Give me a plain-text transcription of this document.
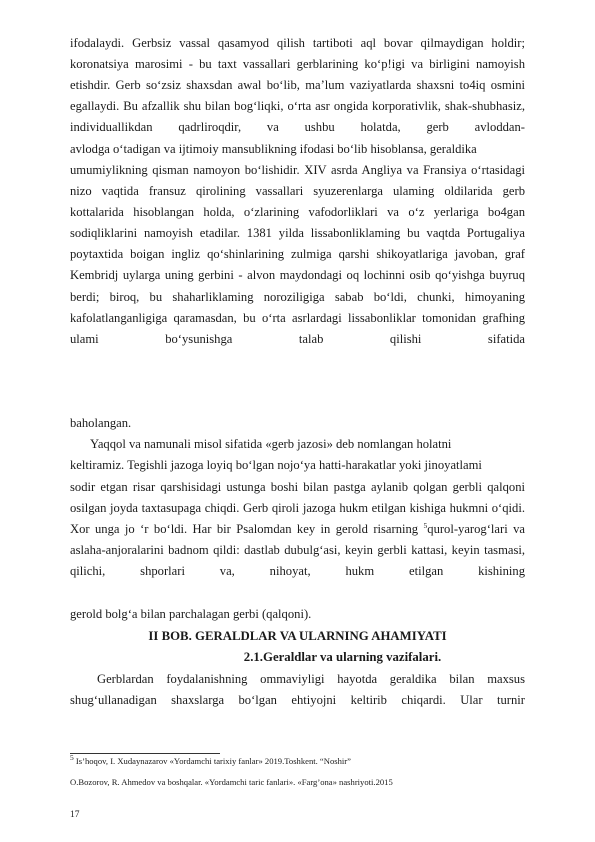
ifodalaydi. Gerbsiz vassal qasamyod qilish tartiboti aql bovar qilmaydigan holdir; koronatsiya marosimi - bu taxt vassallari gerblarining ko‘p!igi va birligini namoyish etishdir. Gerb so‘zsiz shaxsdan awal bo‘lib, ma’lum vaziyatlarda shaxsni to4iq osmini egallaydi. Bu afzallik shu bilan bog‘liqki, o‘rta asr ongida korporativlik, shak-shubhasiz, individuallikdan qadrliroqdir, va ushbu holatda, gerb avloddan-

avlodga o‘tadigan va ijtimoiy mansublikning ifodasi bo‘lib hisoblansa, geraldika

umumiylikning qisman namoyon bo‘lishidir. XIV asrda Angliya va Fransiya o‘rtasidagi nizo vaqtida fransuz qirolining vassallari syuzerenlarga ulaming oldilarida gerb kottalarida hisoblangan holda, o‘zlarining vafodorliklari va o‘z yerlariga bo4gan sodiqliklarini namoyish etadilar. 1381 yilda lissabonliklaming bu vaqtda Portugaliya poytaxtida boigan ingliz qo‘shinlarining zulmiga qarshi shikoyatlariga javoban, graf Kembridj uylarga uning gerbini - alvon maydondagi oq lochinni osib qo‘yishga buyruq berdi; biroq, bu shaharliklaming noroziligiga sabab bo‘ldi, chunki, himoyaning kafolatlanganligiga qaramasdan, bu o‘rta asrlardagi lissabonliklar tomonidan grafhing ulami bo‘ysunishga talab qilishi sifatida

baholangan.

Yaqqol va namunali misol sifatida «gerb jazosi» deb nomlangan holatni

keltiramiz. Tegishli jazoga loyiq bo‘lgan nojo‘ya hatti-harakatlar yoki jinoyatlami

sodir etgan risar qarshisidagi ustunga boshi bilan pastga aylanib qolgan gerbli qalqoni osilgan joyda taxtasupaga chiqdi. Gerb qiroli jazoga hukm etilgan kishiga hukmni o‘qidi. Xor unga jo ‘r bo‘ldi. Har bir Psalomdan key in gerold risarning $^5$qurol-yarog‘lari va aslaha-anjoralarini badnom qildi: dastlab dubulg‘asi, keyin gerbli kattasi, keyin tasmasi, qilichi, shporlari va, nihoyat, hukm etilgan kishining

gerold bolg‘a bilan parchalagan gerbi (qalqoni).

II BOB. GERALDLAR VA ULARNING AHAMIYATI

2.1.Geraldlar va ularning vazifalari.

Gerblardan foydalanishning ommaviyligi hayotda geraldika bilan maxsus shug‘ullanadigan shaxslarga bo‘lgan ehtiyojni keltirib chiqardi. Ular turnir

$^5$ Is’hoqov, I. Xudaynazarov «Yordamchi tarixiy fanlar» 2019.Toshkent. “Noshir”

O.Bozorov, R. Ahmedov va boshqalar. «Yordamchi taric fanlari». «Farg’ona» nashriyoti.2015

17
